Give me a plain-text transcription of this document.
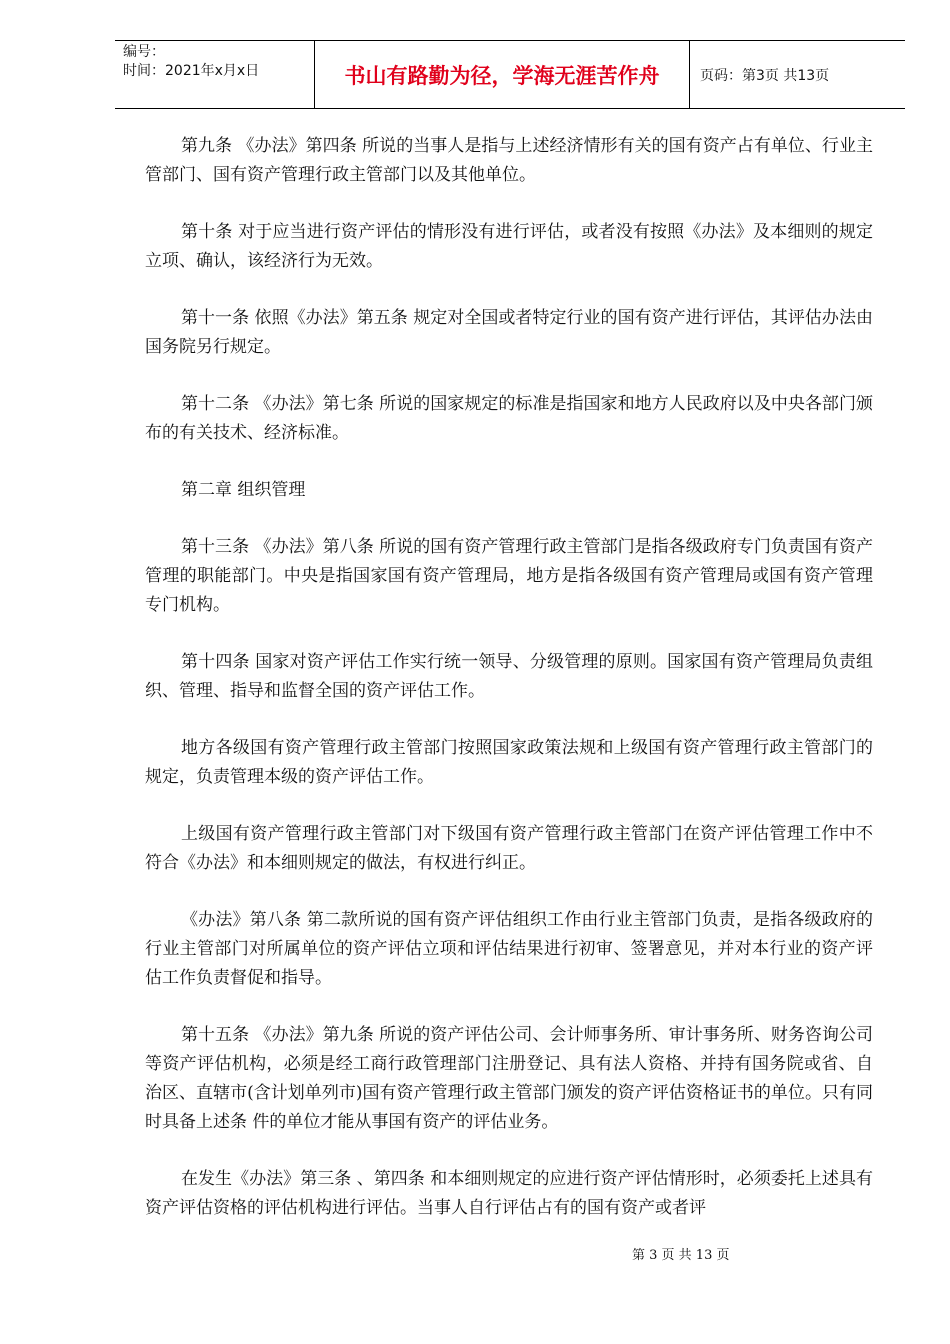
编号：
时间：2021年x月x日	书山有路勤为径，学海无涯苦作舟	页码：第3页 共13页

第九条 《办法》第四条 所说的当事人是指与上述经济情形有关的国有资产占有单位、行业主管部门、国有资产管理行政主管部门以及其他单位。

第十条 对于应当进行资产评估的情形没有进行评估，或者没有按照《办法》及本细则的规定立项、确认，该经济行为无效。

第十一条 依照《办法》第五条 规定对全国或者特定行业的国有资产进行评估，其评估办法由国务院另行规定。

第十二条 《办法》第七条 所说的国家规定的标准是指国家和地方人民政府以及中央各部门颁布的有关技术、经济标准。

第二章 组织管理

第十三条 《办法》第八条 所说的国有资产管理行政主管部门是指各级政府专门负责国有资产管理的职能部门。中央是指国家国有资产管理局，地方是指各级国有资产管理局或国有资产管理专门机构。

第十四条 国家对资产评估工作实行统一领导、分级管理的原则。国家国有资产管理局负责组织、管理、指导和监督全国的资产评估工作。

地方各级国有资产管理行政主管部门按照国家政策法规和上级国有资产管理行政主管部门的规定，负责管理本级的资产评估工作。

上级国有资产管理行政主管部门对下级国有资产管理行政主管部门在资产评估管理工作中不符合《办法》和本细则规定的做法，有权进行纠正。

《办法》第八条 第二款所说的国有资产评估组织工作由行业主管部门负责，是指各级政府的行业主管部门对所属单位的资产评估立项和评估结果进行初审、签署意见，并对本行业的资产评估工作负责督促和指导。

第十五条 《办法》第九条 所说的资产评估公司、会计师事务所、审计事务所、财务咨询公司等资产评估机构，必须是经工商行政管理部门注册登记、具有法人资格、并持有国务院或省、自治区、直辖市(含计划单列市)国有资产管理行政主管部门颁发的资产评估资格证书的单位。只有同时具备上述条 件的单位才能从事国有资产的评估业务。

在发生《办法》第三条 、第四条 和本细则规定的应进行资产评估情形时，必须委托上述具有资产评估资格的评估机构进行评估。当事人自行评估占有的国有资产或者评

第 3 页 共 13 页
